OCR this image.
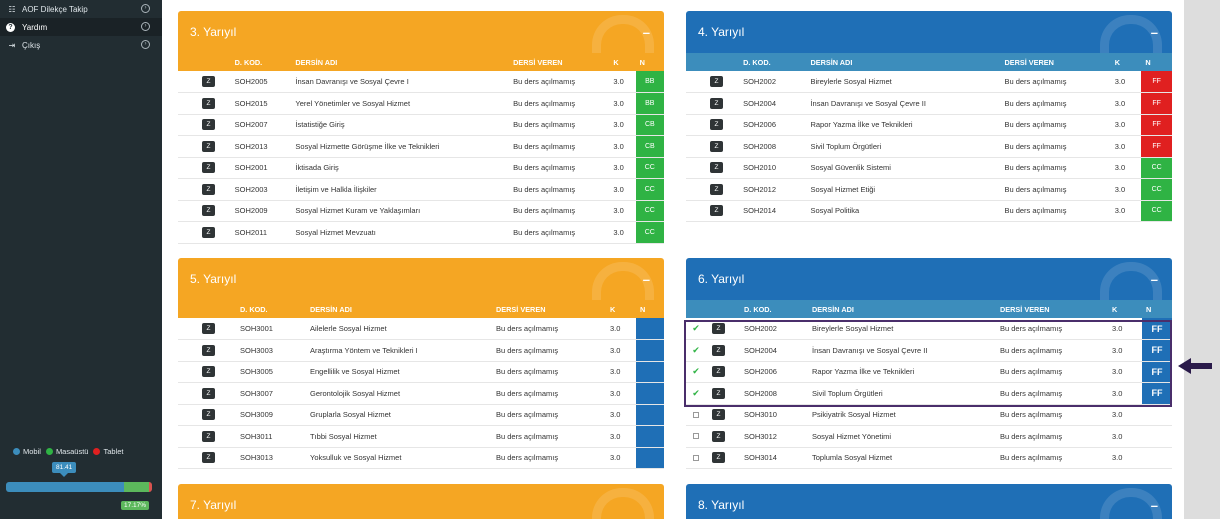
☷ AOF Dilekçe Takip	›
? Yardım	›
⇥ Çıkış	›
Mobil Masaüstü Tablet
81.41
17.17%
3. Yarıyıl	–
	D. KOD.	DERSİN ADI	DERSİ VEREN	K	N
Z	SOH2005	İnsan Davranışı ve Sosyal Çevre I	Bu ders açılmamış	3.0	BB
Z	SOH2015	Yerel Yönetimler ve Sosyal Hizmet	Bu ders açılmamış	3.0	BB
Z	SOH2007	İstatistiğe Giriş	Bu ders açılmamış	3.0	CB
Z	SOH2013	Sosyal Hizmette Görüşme İlke ve Teknikleri	Bu ders açılmamış	3.0	CB
Z	SOH2001	İktisada Giriş	Bu ders açılmamış	3.0	CC
Z	SOH2003	İletişim ve Halkla İlişkiler	Bu ders açılmamış	3.0	CC
Z	SOH2009	Sosyal Hizmet Kuram ve Yaklaşımları	Bu ders açılmamış	3.0	CC
Z	SOH2011	Sosyal Hizmet Mevzuatı	Bu ders açılmamış	3.0	CC
4. Yarıyıl	–
	D. KOD.	DERSİN ADI	DERSİ VEREN	K	N
Z	SOH2002	Bireylerle Sosyal Hizmet	Bu ders açılmamış	3.0	FF
Z	SOH2004	İnsan Davranışı ve Sosyal Çevre II	Bu ders açılmamış	3.0	FF
Z	SOH2006	Rapor Yazma İlke ve Teknikleri	Bu ders açılmamış	3.0	FF
Z	SOH2008	Sivil Toplum Örgütleri	Bu ders açılmamış	3.0	FF
Z	SOH2010	Sosyal Güvenlik Sistemi	Bu ders açılmamış	3.0	CC
Z	SOH2012	Sosyal Hizmet Etiği	Bu ders açılmamış	3.0	CC
Z	SOH2014	Sosyal Politika	Bu ders açılmamış	3.0	CC
5. Yarıyıl	–
	D. KOD.	DERSİN ADI	DERSİ VEREN	K	N
Z	SOH3001	Ailelerle Sosyal Hizmet	Bu ders açılmamış	3.0	
Z	SOH3003	Araştırma Yöntem ve Teknikleri I	Bu ders açılmamış	3.0	
Z	SOH3005	Engellilik ve Sosyal Hizmet	Bu ders açılmamış	3.0	
Z	SOH3007	Gerontolojik Sosyal Hizmet	Bu ders açılmamış	3.0	
Z	SOH3009	Gruplarla Sosyal Hizmet	Bu ders açılmamış	3.0	
Z	SOH3011	Tıbbi Sosyal Hizmet	Bu ders açılmamış	3.0	
Z	SOH3013	Yoksulluk ve Sosyal Hizmet	Bu ders açılmamış	3.0	
6. Yarıyıl	–
		D. KOD.	DERSİN ADI	DERSİ VEREN	K	N
✔	Z	SOH2002	Bireylerle Sosyal Hizmet	Bu ders açılmamış	3.0	FF
✔	Z	SOH2004	İnsan Davranışı ve Sosyal Çevre II	Bu ders açılmamış	3.0	FF
✔	Z	SOH2006	Rapor Yazma İlke ve Teknikleri	Bu ders açılmamış	3.0	FF
✔	Z	SOH2008	Sivil Toplum Örgütleri	Bu ders açılmamış	3.0	FF
	Z	SOH3010	Psikiyatrik Sosyal Hizmet	Bu ders açılmamış	3.0	
	Z	SOH3012	Sosyal Hizmet Yönetimi	Bu ders açılmamış	3.0	
	Z	SOH3014	Toplumla Sosyal Hizmet	Bu ders açılmamış	3.0	
7. Yarıyıl	8. Yarıyıl	–
